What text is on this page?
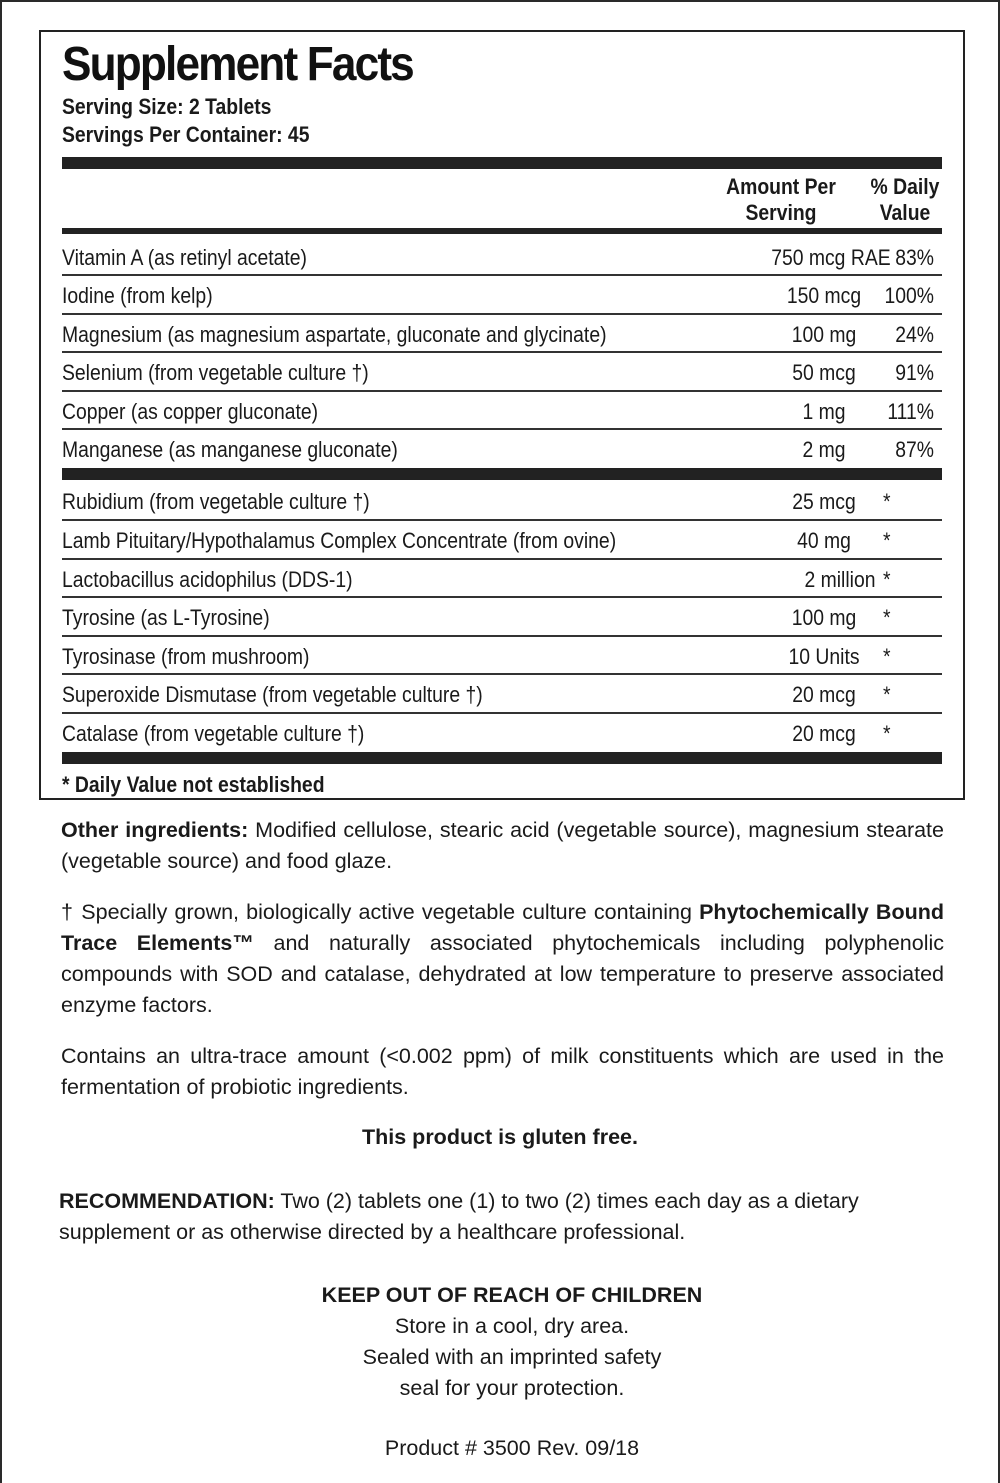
Supplement Facts
Serving Size: 2 Tablets
Servings Per Container: 45
Amount Per
Serving
% Daily
Value
Vitamin A (as retinyl acetate)	750 mcg RAE 83%
Iodine (from kelp)	150 mcg	100%
Magnesium (as magnesium aspartate, gluconate and glycinate)	100 mg	24%
Selenium (from vegetable culture †)	50 mcg	91%
Copper (as copper gluconate)	1 mg	111%
Manganese (as manganese gluconate)	2 mg	87%
Rubidium (from vegetable culture †)	25 mcg	*
Lamb Pituitary/Hypothalamus Complex Concentrate (from ovine)	40 mg	*
Lactobacillus acidophilus (DDS-1)	2 million *
Tyrosine (as L-Tyrosine)	100 mg	*
Tyrosinase (from mushroom)	10 Units	*
Superoxide Dismutase (from vegetable culture †)	20 mcg	*
Catalase (from vegetable culture †)	20 mcg	*
* Daily Value not established

Other ingredients: Modified cellulose, stearic acid (vegetable source), magnesium stearate (vegetable source) and food glaze.

† Specially grown, biologically active vegetable culture containing Phytochemically Bound Trace Elements™ and naturally associated phytochemicals including polyphenolic compounds with SOD and catalase, dehydrated at low temperature to preserve associated enzyme factors.

Contains an ultra-trace amount (<0.002 ppm) of milk constituents which are used in the fermentation of probiotic ingredients.

This product is gluten free.

RECOMMENDATION: Two (2) tablets one (1) to two (2) times each day as a dietary supplement or as otherwise directed by a healthcare professional.

KEEP OUT OF REACH OF CHILDREN
Store in a cool, dry area.
Sealed with an imprinted safety
seal for your protection.
Product # 3500 Rev. 09/18
